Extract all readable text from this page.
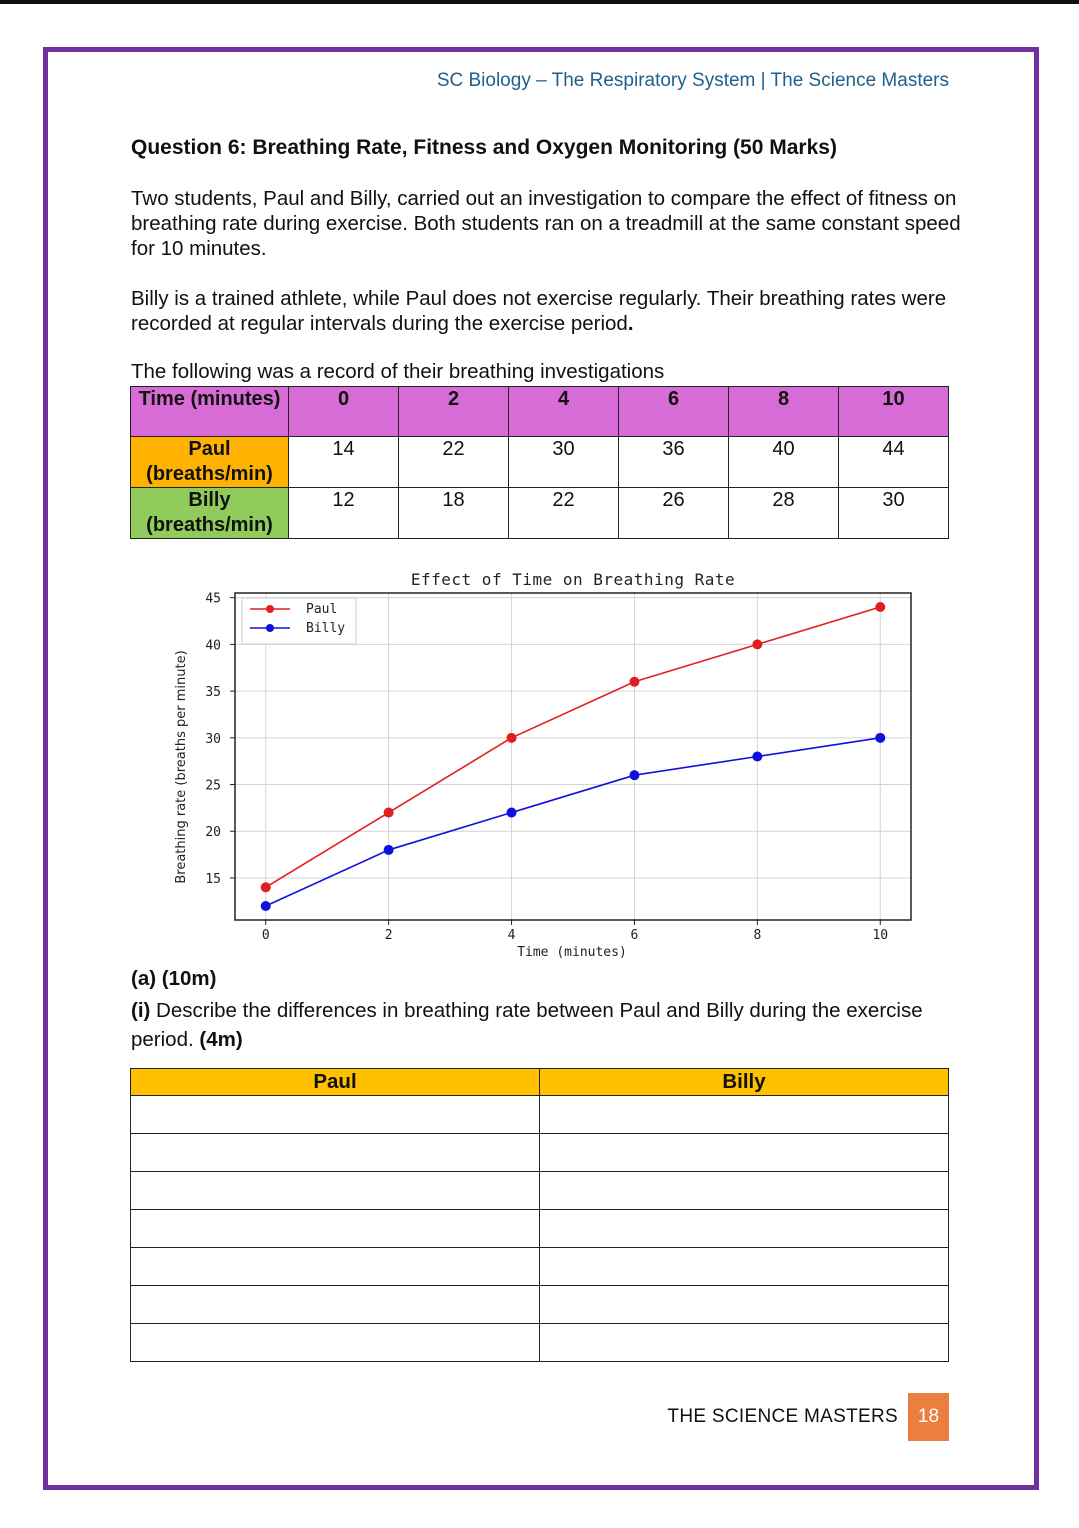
SC Biology – The Respiratory System | The Science Masters
Question 6: Breathing Rate, Fitness and Oxygen Monitoring (50 Marks)
Two students, Paul and Billy, carried out an investigation to compare the effect of fitness on breathing rate during exercise. Both students ran on a treadmill at the same constant speed for 10 minutes.
Billy is a trained athlete, while Paul does not exercise regularly. Their breathing rates were recorded at regular intervals during the exercise period.
The following was a record of their breathing investigations
Time (minutes)	0	2	4	6	8	10
Paul (breaths/min)	14	22	30	36	40	44
Billy (breaths/min)	12	18	22	26	28	30
Effect of Time on Breathing Rate
Time (minutes)
Breathing rate (breaths per minute)
0	2	4	6	8	10
15
20
25
30
35
40
45
Paul
Billy
(a) (10m)
(i) Describe the differences in breathing rate between Paul and Billy during the exercise period. (4m)
Paul	Billy

THE SCIENCE MASTERS	18
